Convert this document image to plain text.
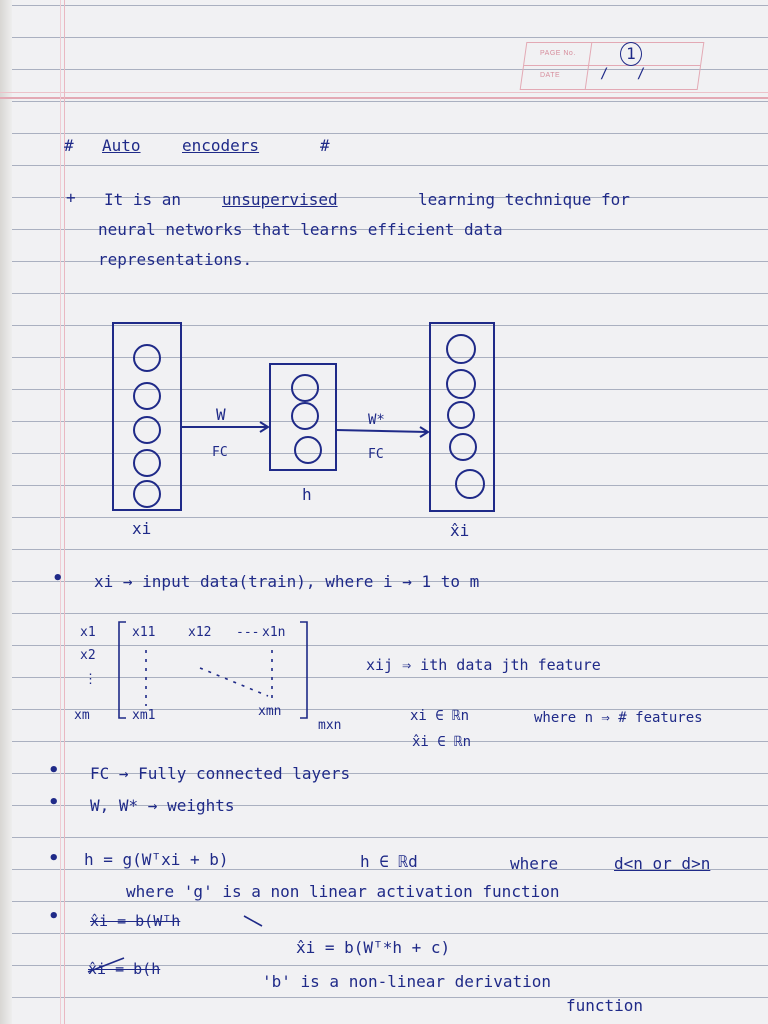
PAGE No.	1
DATE	/ /
# Auto	encoders	#
+ It is an	unsupervised	learning technique for
neural networks that learns efficient data
representations.
W
FC
W*
FC
h
xi	x̂i
• xi → input data(train), where i → 1 to m
x1
x2
⋮
xm
x11	x12 --- x1n
xm1	xmn
mxn
xij ⇒ ith data jth feature
xi ∈ ℝn	where n ⇒ # features
x̂i ∈ ℝn
• FC → Fully connected layers
• W, W* → weights
• h = g(Wᵀxi + b)	h ∈ ℝd	where	d<n or d>n
where 'g' is a non linear activation function
• x̂i = b(Wᵀh
x̂i = b(Wᵀ*h + c)
x̂i = b(h
'b' is a non-linear derivation
function
